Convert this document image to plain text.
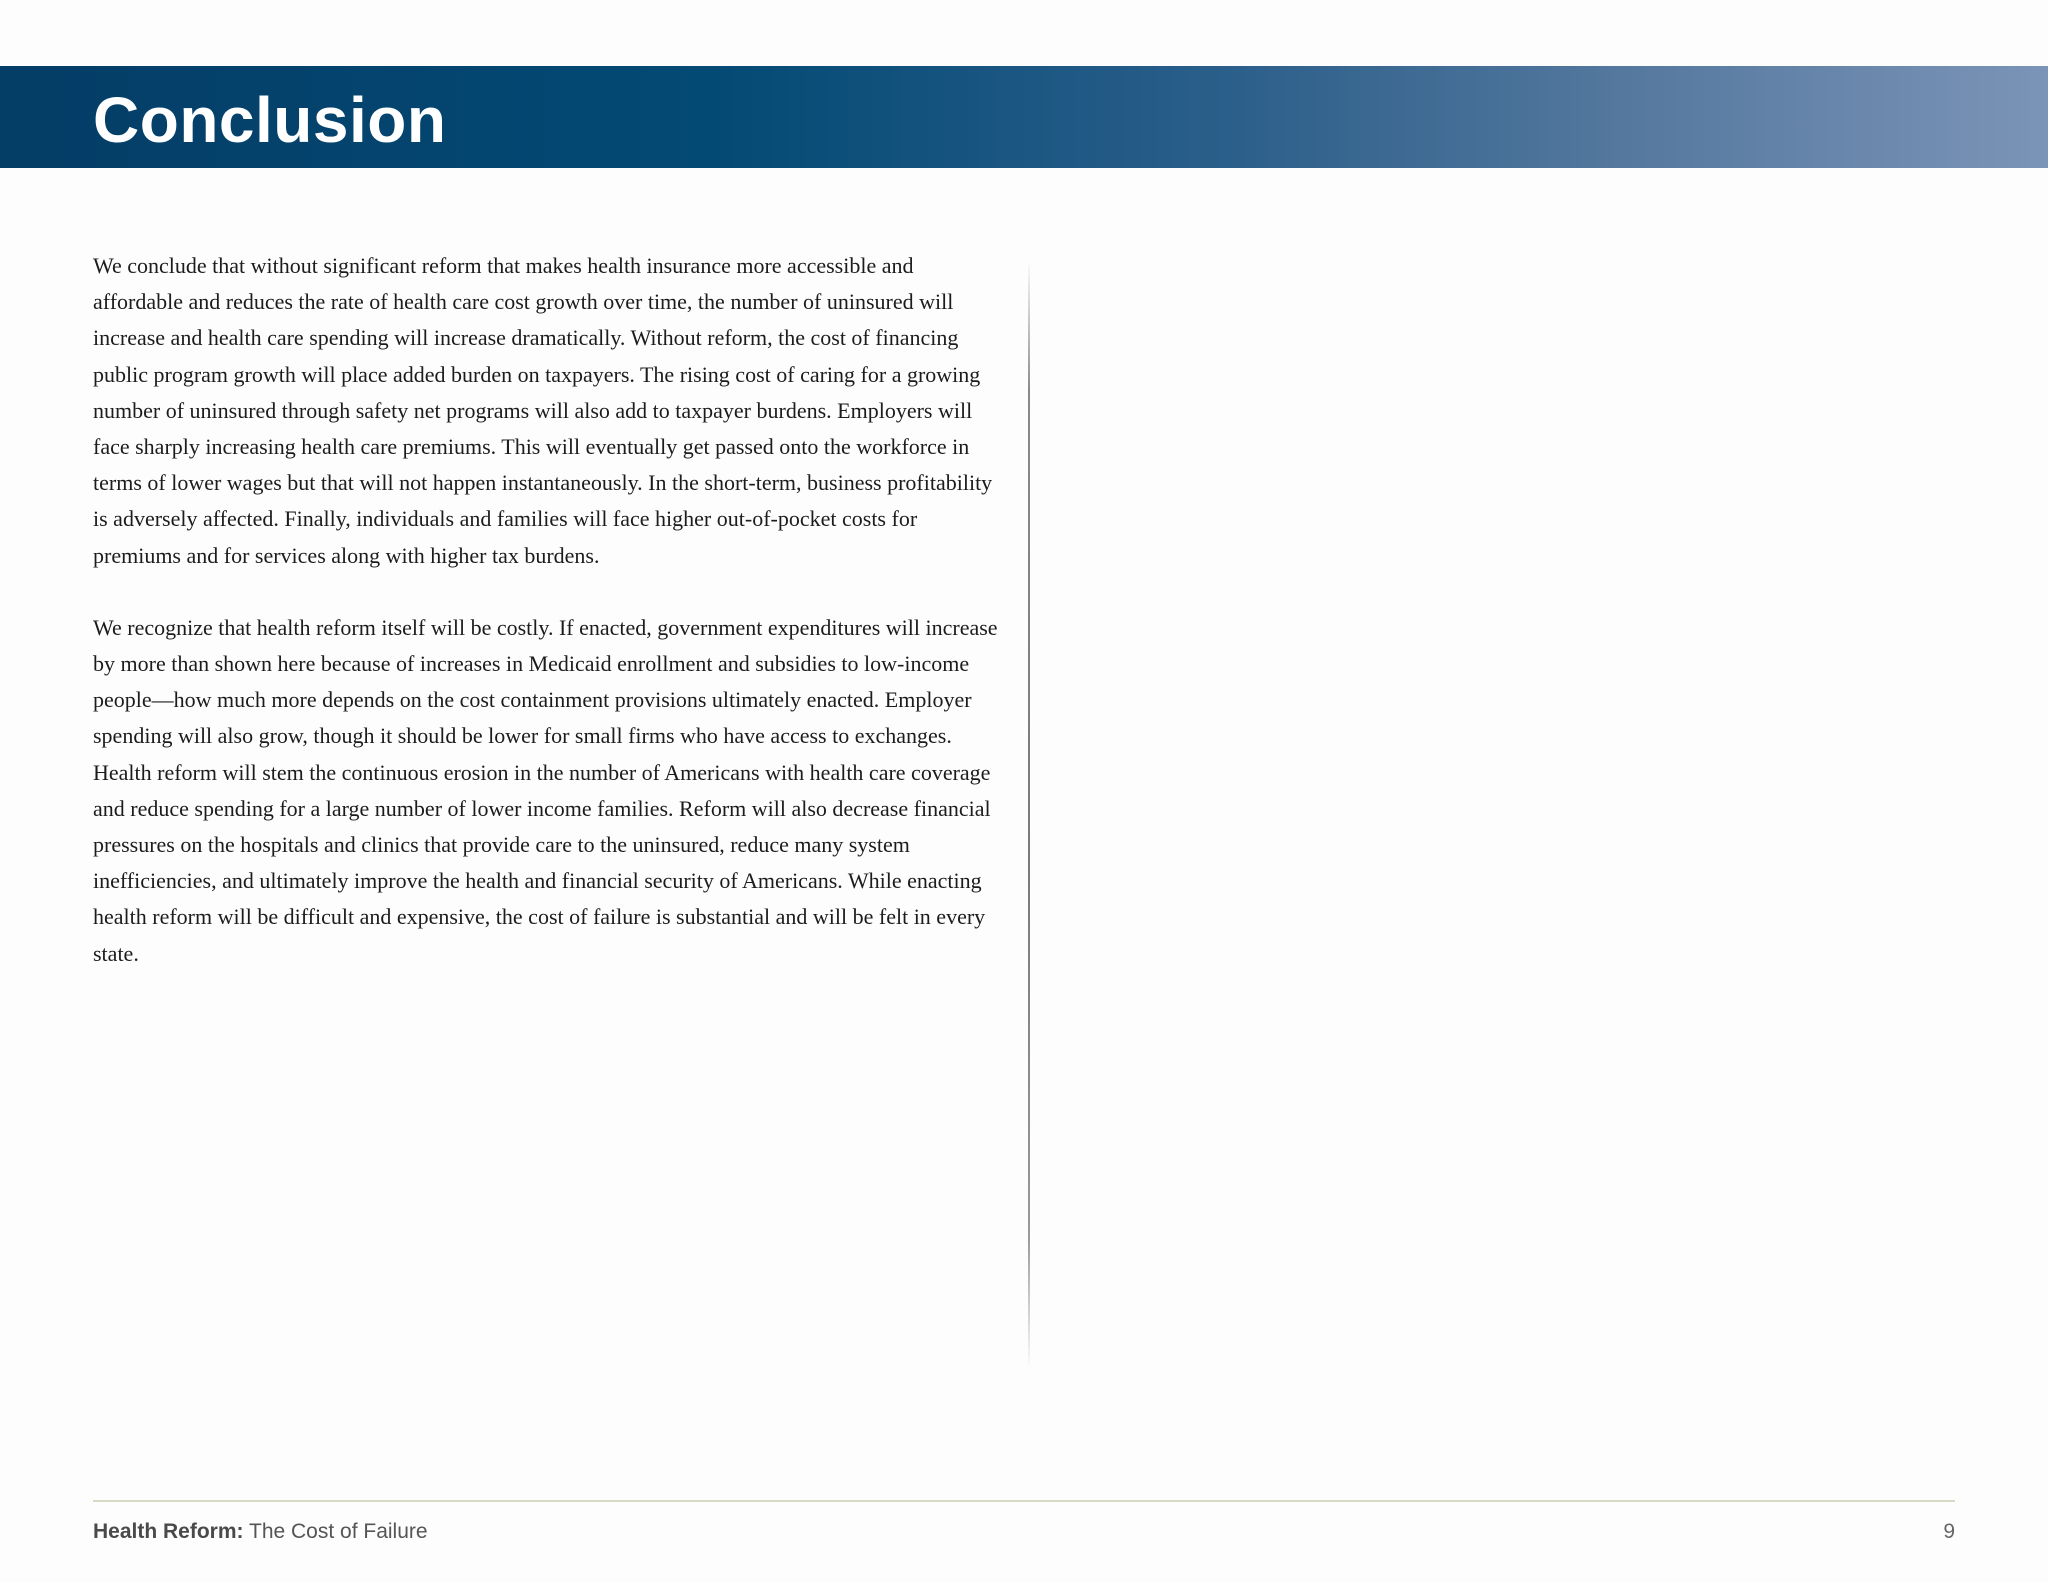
Conclusion

We conclude that without significant reform that makes health insurance more accessible and affordable and reduces the rate of health care cost growth over time, the number of uninsured will increase and health care spending will increase dramatically. Without reform, the cost of financing public program growth will place added burden on taxpayers. The rising cost of caring for a growing number of uninsured through safety net programs will also add to taxpayer burdens. Employers will face sharply increasing health care premiums. This will eventually get passed onto the workforce in terms of lower wages but that will not happen instantaneously. In the short-term, business profitability is adversely affected. Finally, individuals and families will face higher out-of-pocket costs for premiums and for services along with higher tax burdens.

We recognize that health reform itself will be costly. If enacted, government expenditures will increase by more than shown here because of increases in Medicaid enrollment and subsidies to low-income people—how much more depends on the cost containment provisions ultimately enacted. Employer spending will also grow, though it should be lower for small firms who have access to exchanges. Health reform will stem the continuous erosion in the number of Americans with health care coverage and reduce spending for a large number of lower income families. Reform will also decrease financial pressures on the hospitals and clinics that provide care to the uninsured, reduce many system inefficiencies, and ultimately improve the health and financial security of Americans. While enacting health reform will be difficult and expensive, the cost of failure is substantial and will be felt in every state.

Health Reform: The Cost of Failure	9
